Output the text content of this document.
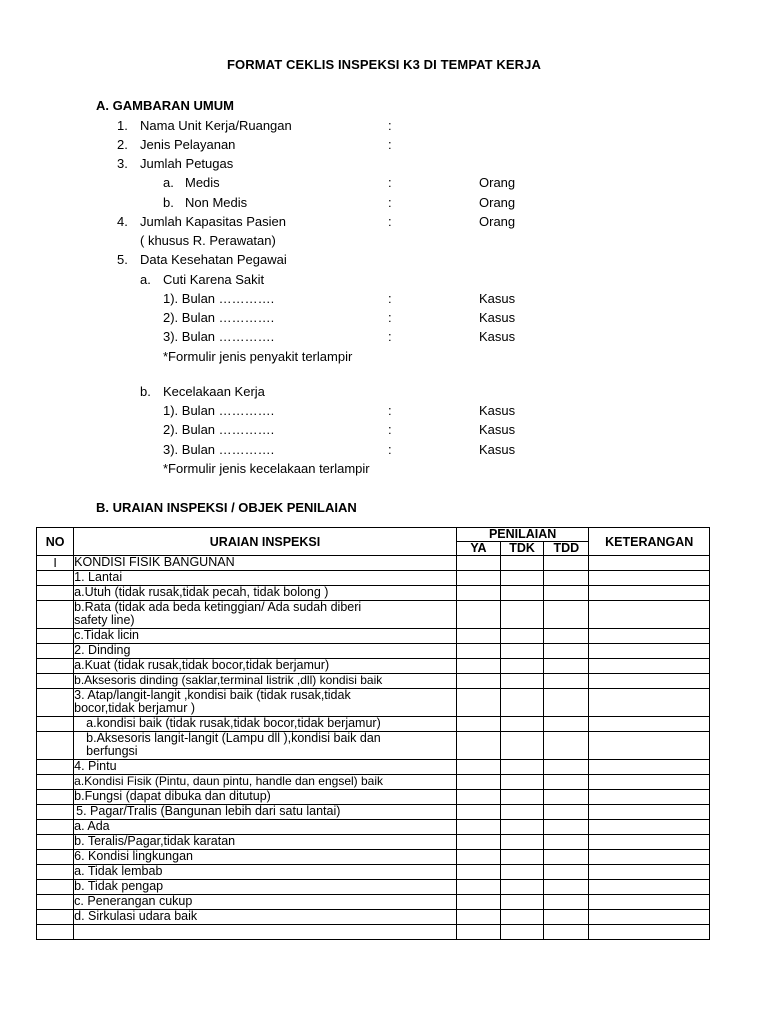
FORMAT CEKLIS INSPEKSI K3 DI TEMPAT KERJA
A. GAMBARAN UMUM
1. Nama Unit Kerja/Ruangan	:
2. Jenis Pelayanan	:
3. Jumlah Petugas
a. Medis	:	Orang
b. Non Medis	:	Orang
4. Jumlah Kapasitas Pasien	:	Orang
( khusus R. Perawatan)
5. Data Kesehatan Pegawai
a. Cuti Karena Sakit
1). Bulan ………….	:	Kasus
2). Bulan ………….	:	Kasus
3). Bulan ………….	:	Kasus
*Formulir jenis penyakit terlampir
b. Kecelakaan Kerja
1). Bulan ………….	:	Kasus
2). Bulan ………….	:	Kasus
3). Bulan ………….	:	Kasus
*Formulir jenis kecelakaan terlampir
B. URAIAN INSPEKSI / OBJEK PENILAIAN
NO	URAIAN INSPEKSI	PENILAIAN			KETERANGAN
		YA	TDK	TDD	
I	KONDISI FISIK BANGUNAN				
	1. Lantai				
	a.Utuh (tidak rusak,tidak pecah, tidak bolong )				
	b.Rata (tidak ada beda ketinggian/ Ada sudah diberi safety line)				
	c.Tidak licin				
	2. Dinding				
	a.Kuat (tidak rusak,tidak bocor,tidak berjamur)				
	b.Aksesoris dinding (saklar,terminal listrik ,dll) kondisi baik				
	3. Atap/langit-langit ,kondisi baik (tidak rusak,tidak bocor,tidak berjamur )				
	a.kondisi baik (tidak rusak,tidak bocor,tidak berjamur)				
	b.Aksesoris langit-langit (Lampu dll ),kondisi baik dan berfungsi				
	4. Pintu				
	a.Kondisi Fisik (Pintu, daun pintu, handle dan engsel) baik				
	b.Fungsi (dapat dibuka dan ditutup)				
	5. Pagar/Tralis (Bangunan lebih dari satu lantai)				
	a. Ada				
	b. Teralis/Pagar,tidak karatan				
	6. Kondisi lingkungan				
	a. Tidak lembab				
	b. Tidak pengap				
	c. Penerangan cukup				
	d. Sirkulasi udara baik				
